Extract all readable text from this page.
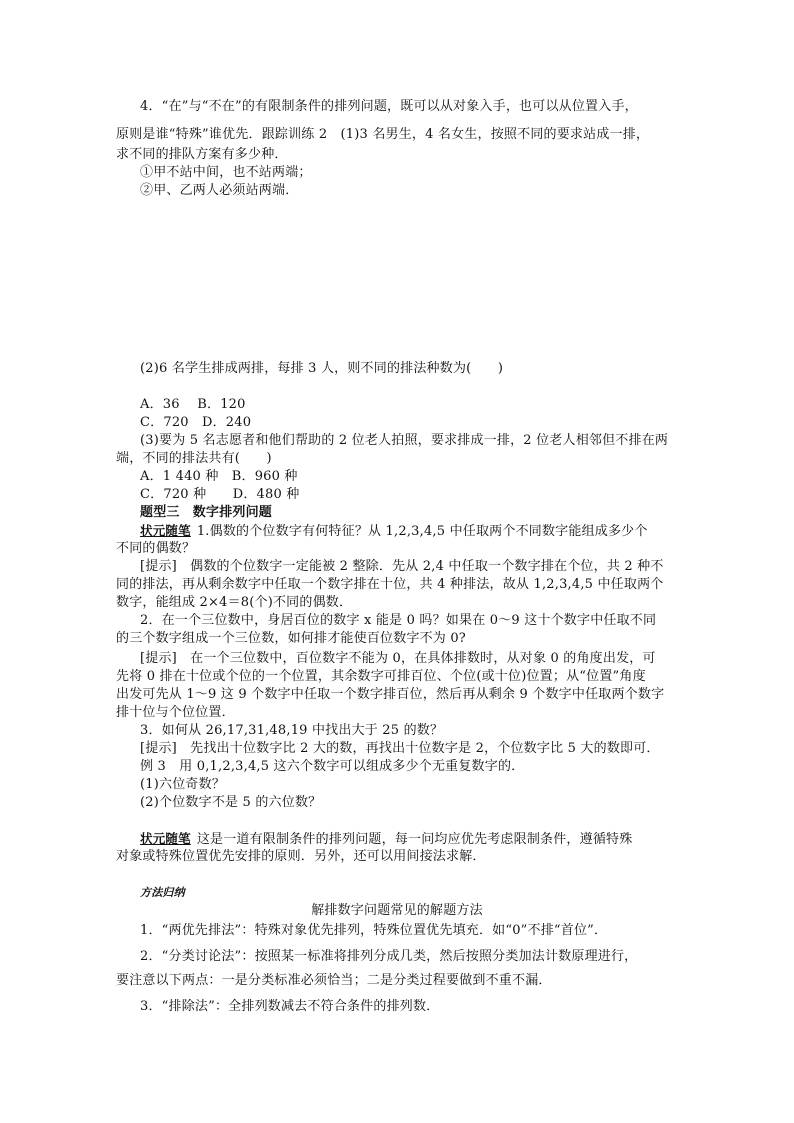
4．“在”与“不在”的有限制条件的排列问题，既可以从对象入手，也可以从位置入手，
原则是谁“特殊”谁优先．跟踪训练 2　(1)3 名男生，4 名女生，按照不同的要求站成一排，
求不同的排队方案有多少种．
①甲不站中间，也不站两端；
②甲、乙两人必须站两端．
(2)6 名学生排成两排，每排 3 人，则不同的排法种数为(　　)
A．36　 B．120
C．720　D．240
(3)要为 5 名志愿者和他们帮助的 2 位老人拍照，要求排成一排，2 位老人相邻但不排在两
端，不同的排法共有(　　)
A．1 440 种　B．960 种
C．720 种　　D．480 种
题型三　数字排列问题
状元随笔 1.偶数的个位数字有何特征？从 1,2,3,4,5 中任取两个不同数字能组成多少个
不同的偶数？
[提示]　偶数的个位数字一定能被 2 整除．先从 2,4 中任取一个数字排在个位，共 2 种不
同的排法，再从剩余数字中任取一个数字排在十位，共 4 种排法，故从 1,2,3,4,5 中任取两个
数字，能组成 2×4＝8(个)不同的偶数．
2．在一个三位数中，身居百位的数字 x 能是 0 吗？如果在 0～9 这十个数字中任取不同
的三个数字组成一个三位数，如何排才能使百位数字不为 0?
[提示]　在一个三位数中，百位数字不能为 0，在具体排数时，从对象 0 的角度出发，可
先将 0 排在十位或个位的一个位置，其余数字可排百位、个位(或十位)位置；从“位置”角度
出发可先从 1～9 这 9 个数字中任取一个数字排百位，然后再从剩余 9 个数字中任取两个数字
排十位与个位位置．
3．如何从 26,17,31,48,19 中找出大于 25 的数？
[提示]　先找出十位数字比 2 大的数，再找出十位数字是 2，个位数字比 5 大的数即可．
例 3　用 0,1,2,3,4,5 这六个数字可以组成多少个无重复数字的．
(1)六位奇数？
(2)个位数字不是 5 的六位数？
状元随笔 这是一道有限制条件的排列问题，每一问均应优先考虑限制条件，遵循特殊
对象或特殊位置优先安排的原则．另外，还可以用间接法求解．
方法归纳
解排数字问题常见的解题方法
1．“两优先排法”：特殊对象优先排列，特殊位置优先填充．如“0”不排“首位”．
2．“分类讨论法”：按照某一标准将排列分成几类，然后按照分类加法计数原理进行，
要注意以下两点：一是分类标准必须恰当；二是分类过程要做到不重不漏．
3．“排除法”：全排列数减去不符合条件的排列数．
